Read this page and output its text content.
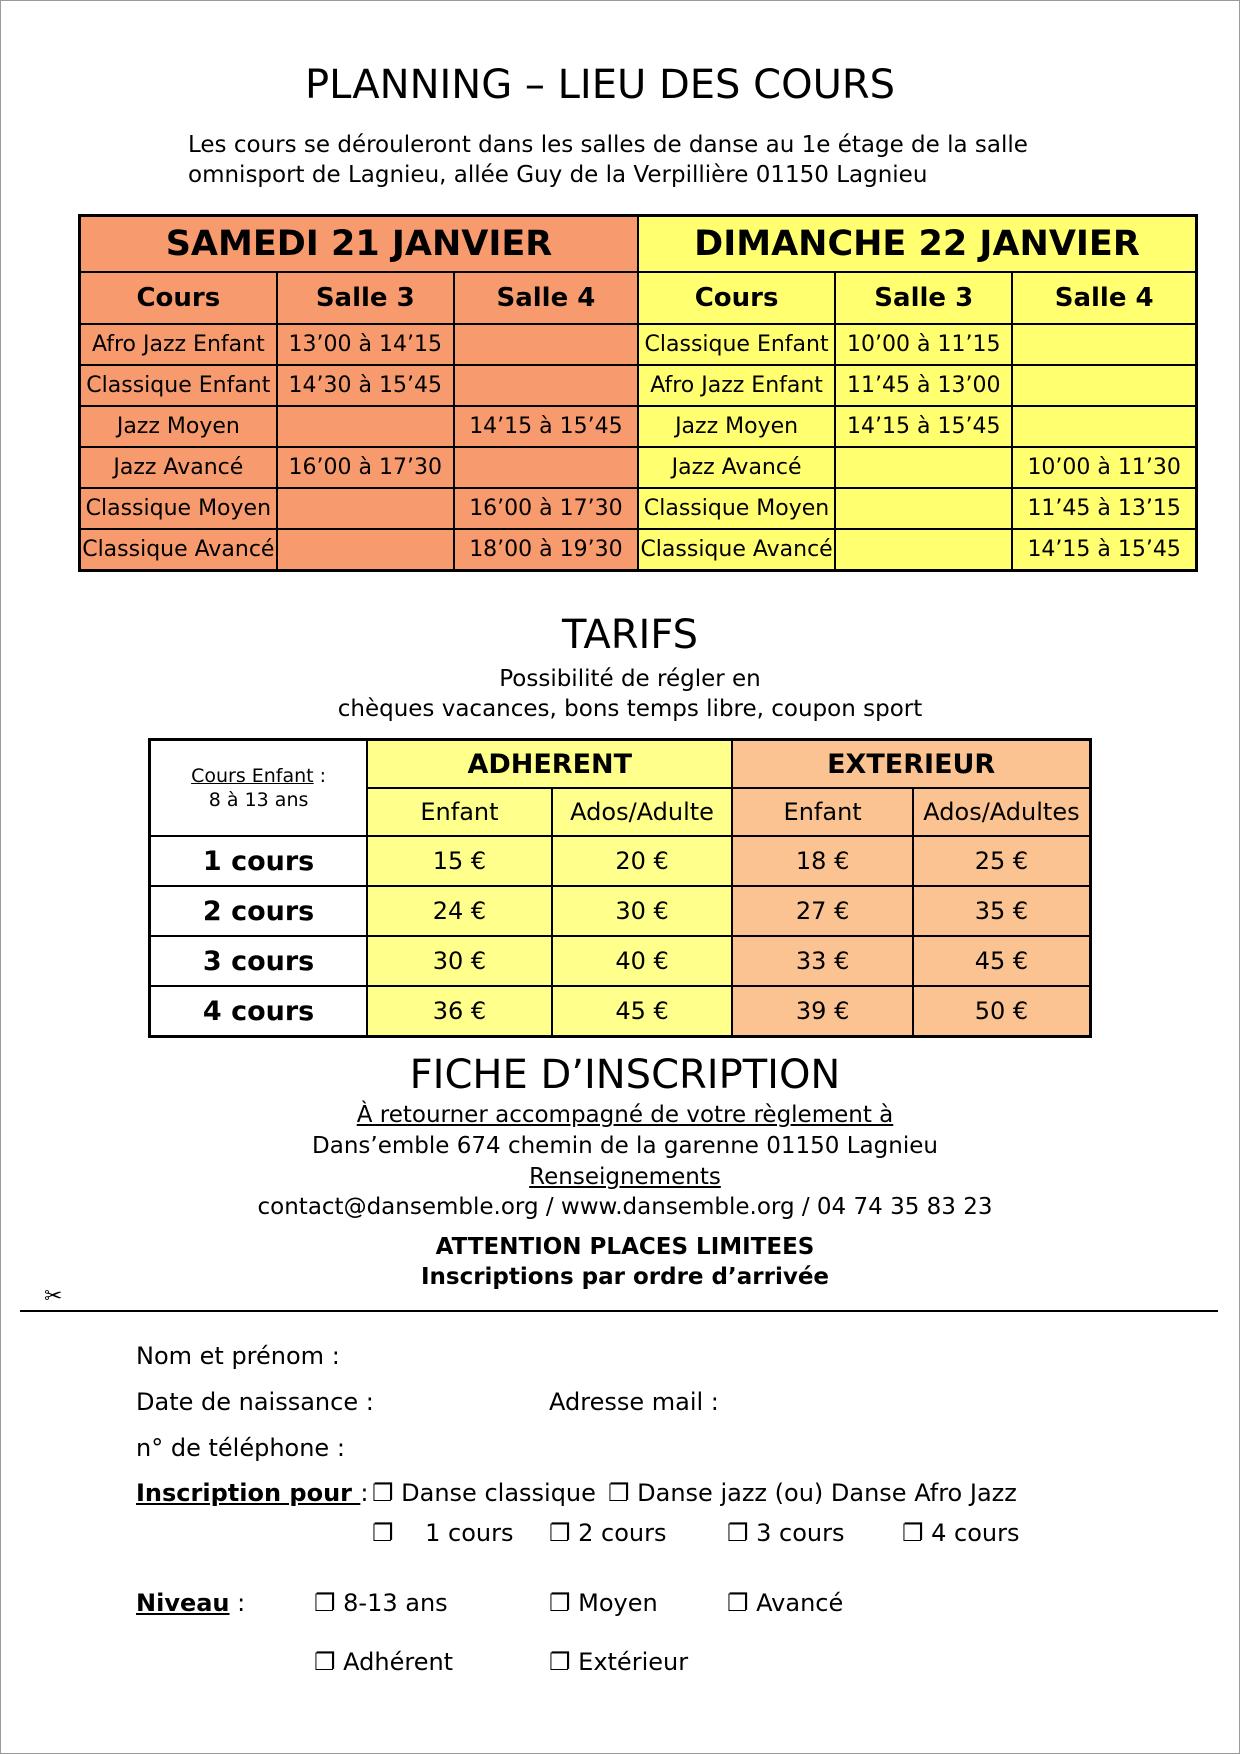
PLANNING – LIEU DES COURS
Les cours se dérouleront dans les salles de danse au 1e étage de la salle
omnisport de Lagnieu, allée Guy de la Verpillière 01150 Lagnieu
SAMEDI 21 JANVIER			DIMANCHE 22 JANVIER		
Cours	Salle 3	Salle 4	Cours	Salle 3	Salle 4
Afro Jazz Enfant	13’00 à 14’15		Classique Enfant	10’00 à 11’15	
Classique Enfant	14’30 à 15’45		Afro Jazz Enfant	11’45 à 13’00	
Jazz Moyen		14’15 à 15’45	Jazz Moyen	14’15 à 15’45	
Jazz Avancé	16’00 à 17’30		Jazz Avancé		10’00 à 11’30
Classique Moyen		16’00 à 17’30	Classique Moyen		11’45 à 13’15
Classique Avancé		18’00 à 19’30	Classique Avancé		14’15 à 15’45
TARIFS
Possibilité de régler en
chèques vacances, bons temps libre, coupon sport
Cours Enfant :
8 à 13 ans	ADHERENT		EXTERIEUR	
	Enfant	Ados/Adulte	Enfant	Ados/Adultes
1 cours	15 €	20 €	18 €	25 €
2 cours	24 €	30 €	27 €	35 €
3 cours	30 €	40 €	33 €	45 €
4 cours	36 €	45 €	39 €	50 €
FICHE D’INSCRIPTION
À retourner accompagné de votre règlement à
Dans’emble 674 chemin de la garenne 01150 Lagnieu
Renseignements
contact@dansemble.org / www.dansemble.org / 04 74 35 83 23
ATTENTION PLACES LIMITEES
Inscriptions par ordre d’arrivée
✂
Nom et prénom :
Date de naissance :	Adresse mail :
n° de téléphone :
Inscription pour : ❐ Danse classique ❐ Danse jazz (ou) Danse Afro Jazz
❐ 1 cours ❐ 2 cours	❐ 3 cours ❐ 4 cours
Niveau :	❐ 8-13 ans	❐ Moyen	❐ Avancé
❐ Adhérent	❐ Extérieur
